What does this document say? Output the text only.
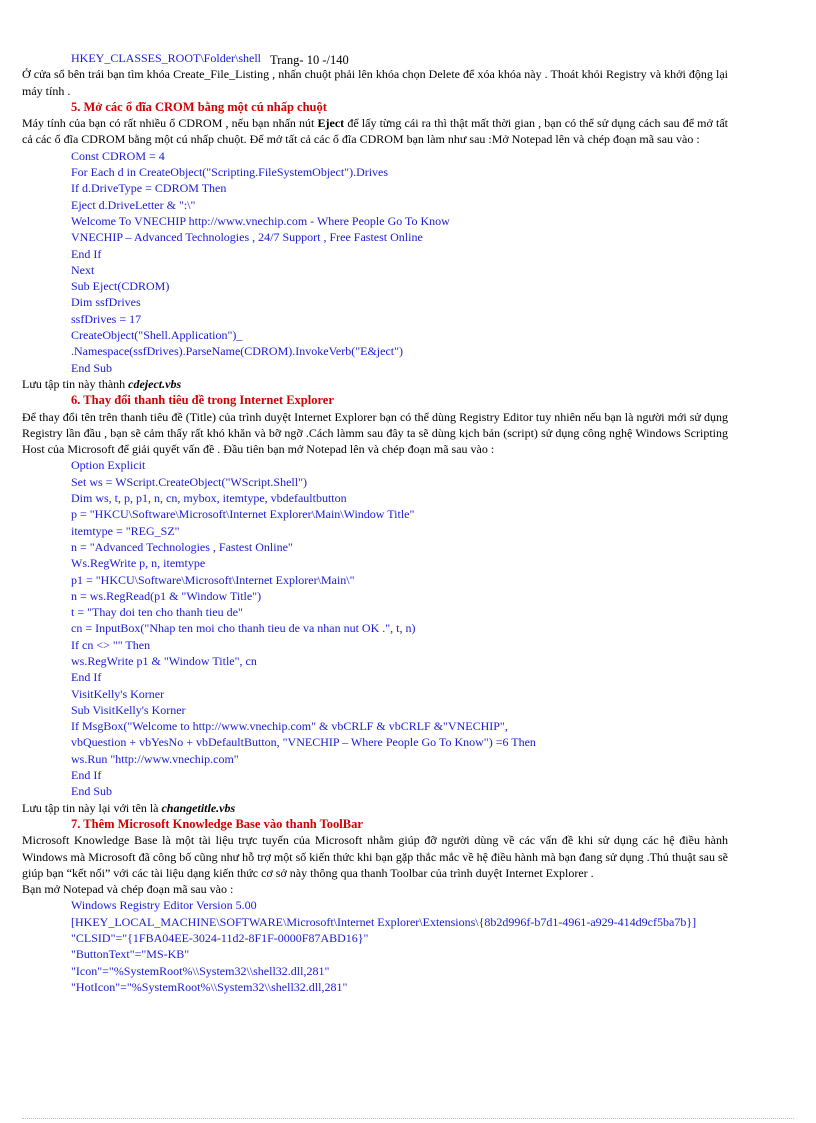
Trang- 10 -/140
HKEY_CLASSES_ROOT\Folder\shell

Ở cửa sổ bên trái bạn tìm khóa Create_File_Listing , nhấn chuột phải lên khóa chọn Delete để xóa khóa này . Thoát khỏi Registry và khởi động lại máy tính .

5. Mở các ổ đĩa CROM bằng một cú nhấp chuột

Máy tính của bạn có rất nhiều ổ CDROM , nếu bạn nhấn nút Eject để lấy từng cái ra thì thật mất thời gian , bạn có thể sử dụng cách sau để mở tất cả các ổ đĩa CDROM bằng một cú nhấp chuột. Để mở tất cả các ổ đĩa CDROM bạn làm như sau :Mở Notepad lên và chép đoạn mã sau vào :

Const CDROM = 4
For Each d in CreateObject("Scripting.FileSystemObject").Drives
If d.DriveType = CDROM Then
Eject d.DriveLetter & ":\"
Welcome To VNECHIP http://www.vnechip.com - Where People Go To Know
VNECHIP – Advanced Technologies , 24/7 Support , Free Fastest Online
End If
Next
Sub Eject(CDROM)
Dim ssfDrives
ssfDrives = 17
CreateObject("Shell.Application")_
.Namespace(ssfDrives).ParseName(CDROM).InvokeVerb("E&ject")
End Sub
Lưu tập tin này thành cdeject.vbs
6. Thay đổi thanh tiêu đề trong Internet Explorer

Để thay đổi tên trên thanh tiêu đề (Title) của trình duyệt Internet Explorer bạn có thể dùng Registry Editor tuy nhiên nếu bạn là người mới sử dụng Registry lần đầu , bạn sẽ cảm thấy rất khó khăn và bỡ ngỡ .Cách làmm sau đây ta sẽ dùng kịch bản (script) sử dụng công nghệ Windows Scripting Host của Microsoft để giải quyết vấn đề . Đầu tiên bạn mở Notepad lên và chép đoạn mã sau vào :

Option Explicit
Set ws = WScript.CreateObject("WScript.Shell")
Dim ws, t, p, p1, n, cn, mybox, itemtype, vbdefaultbutton
p = "HKCU\Software\Microsoft\Internet Explorer\Main\Window Title"
itemtype = "REG_SZ"
n = "Advanced Technologies , Fastest Online"
Ws.RegWrite p, n, itemtype
p1 = "HKCU\Software\Microsoft\Internet Explorer\Main\"
n = ws.RegRead(p1 & "Window Title")
t = "Thay doi ten cho thanh tieu de"
cn = InputBox("Nhap ten moi cho thanh tieu de va nhan nut OK .", t, n)
If cn <> "" Then
ws.RegWrite p1 & "Window Title", cn
End If
VisitKelly's Korner
Sub VisitKelly's Korner
If MsgBox("Welcome to http://www.vnechip.com" & vbCRLF & vbCRLF &"VNECHIP",
vbQuestion + vbYesNo + vbDefaultButton, "VNECHIP – Where People Go To Know") =6 Then
ws.Run "http://www.vnechip.com"
End If
End Sub
Lưu tập tin này lại với tên là changetitle.vbs
7. Thêm Microsoft Knowledge Base vào thanh ToolBar

Microsoft Knowledge Base là một tài liệu trực tuyến của Microsoft nhằm giúp đỡ người dùng về các vấn đề khi sử dụng các hệ điều hành Windows mà Microsoft đã công bố cũng như hỗ trợ một số kiến thức khi bạn gặp thắc mắc về hệ điều hành mà bạn đang sử dụng .Thủ thuật sau sẽ giúp bạn “kết nối” với các tài liệu dạng kiến thức cơ sở này thông qua thanh Toolbar của trình duyệt Internet Explorer .

Bạn mở Notepad và chép đoạn mã sau vào :
Windows Registry Editor Version 5.00
[HKEY_LOCAL_MACHINE\SOFTWARE\Microsoft\Internet Explorer\Extensions\{8b2d996f-b7d1-4961-a929-414d9cf5ba7b}]
"CLSID"="{1FBA04EE-3024-11d2-8F1F-0000F87ABD16}"
"ButtonText"="MS-KB"
"Icon"="%SystemRoot%\\System32\\shell32.dll,281"
"HotIcon"="%SystemRoot%\\System32\\shell32.dll,281"
